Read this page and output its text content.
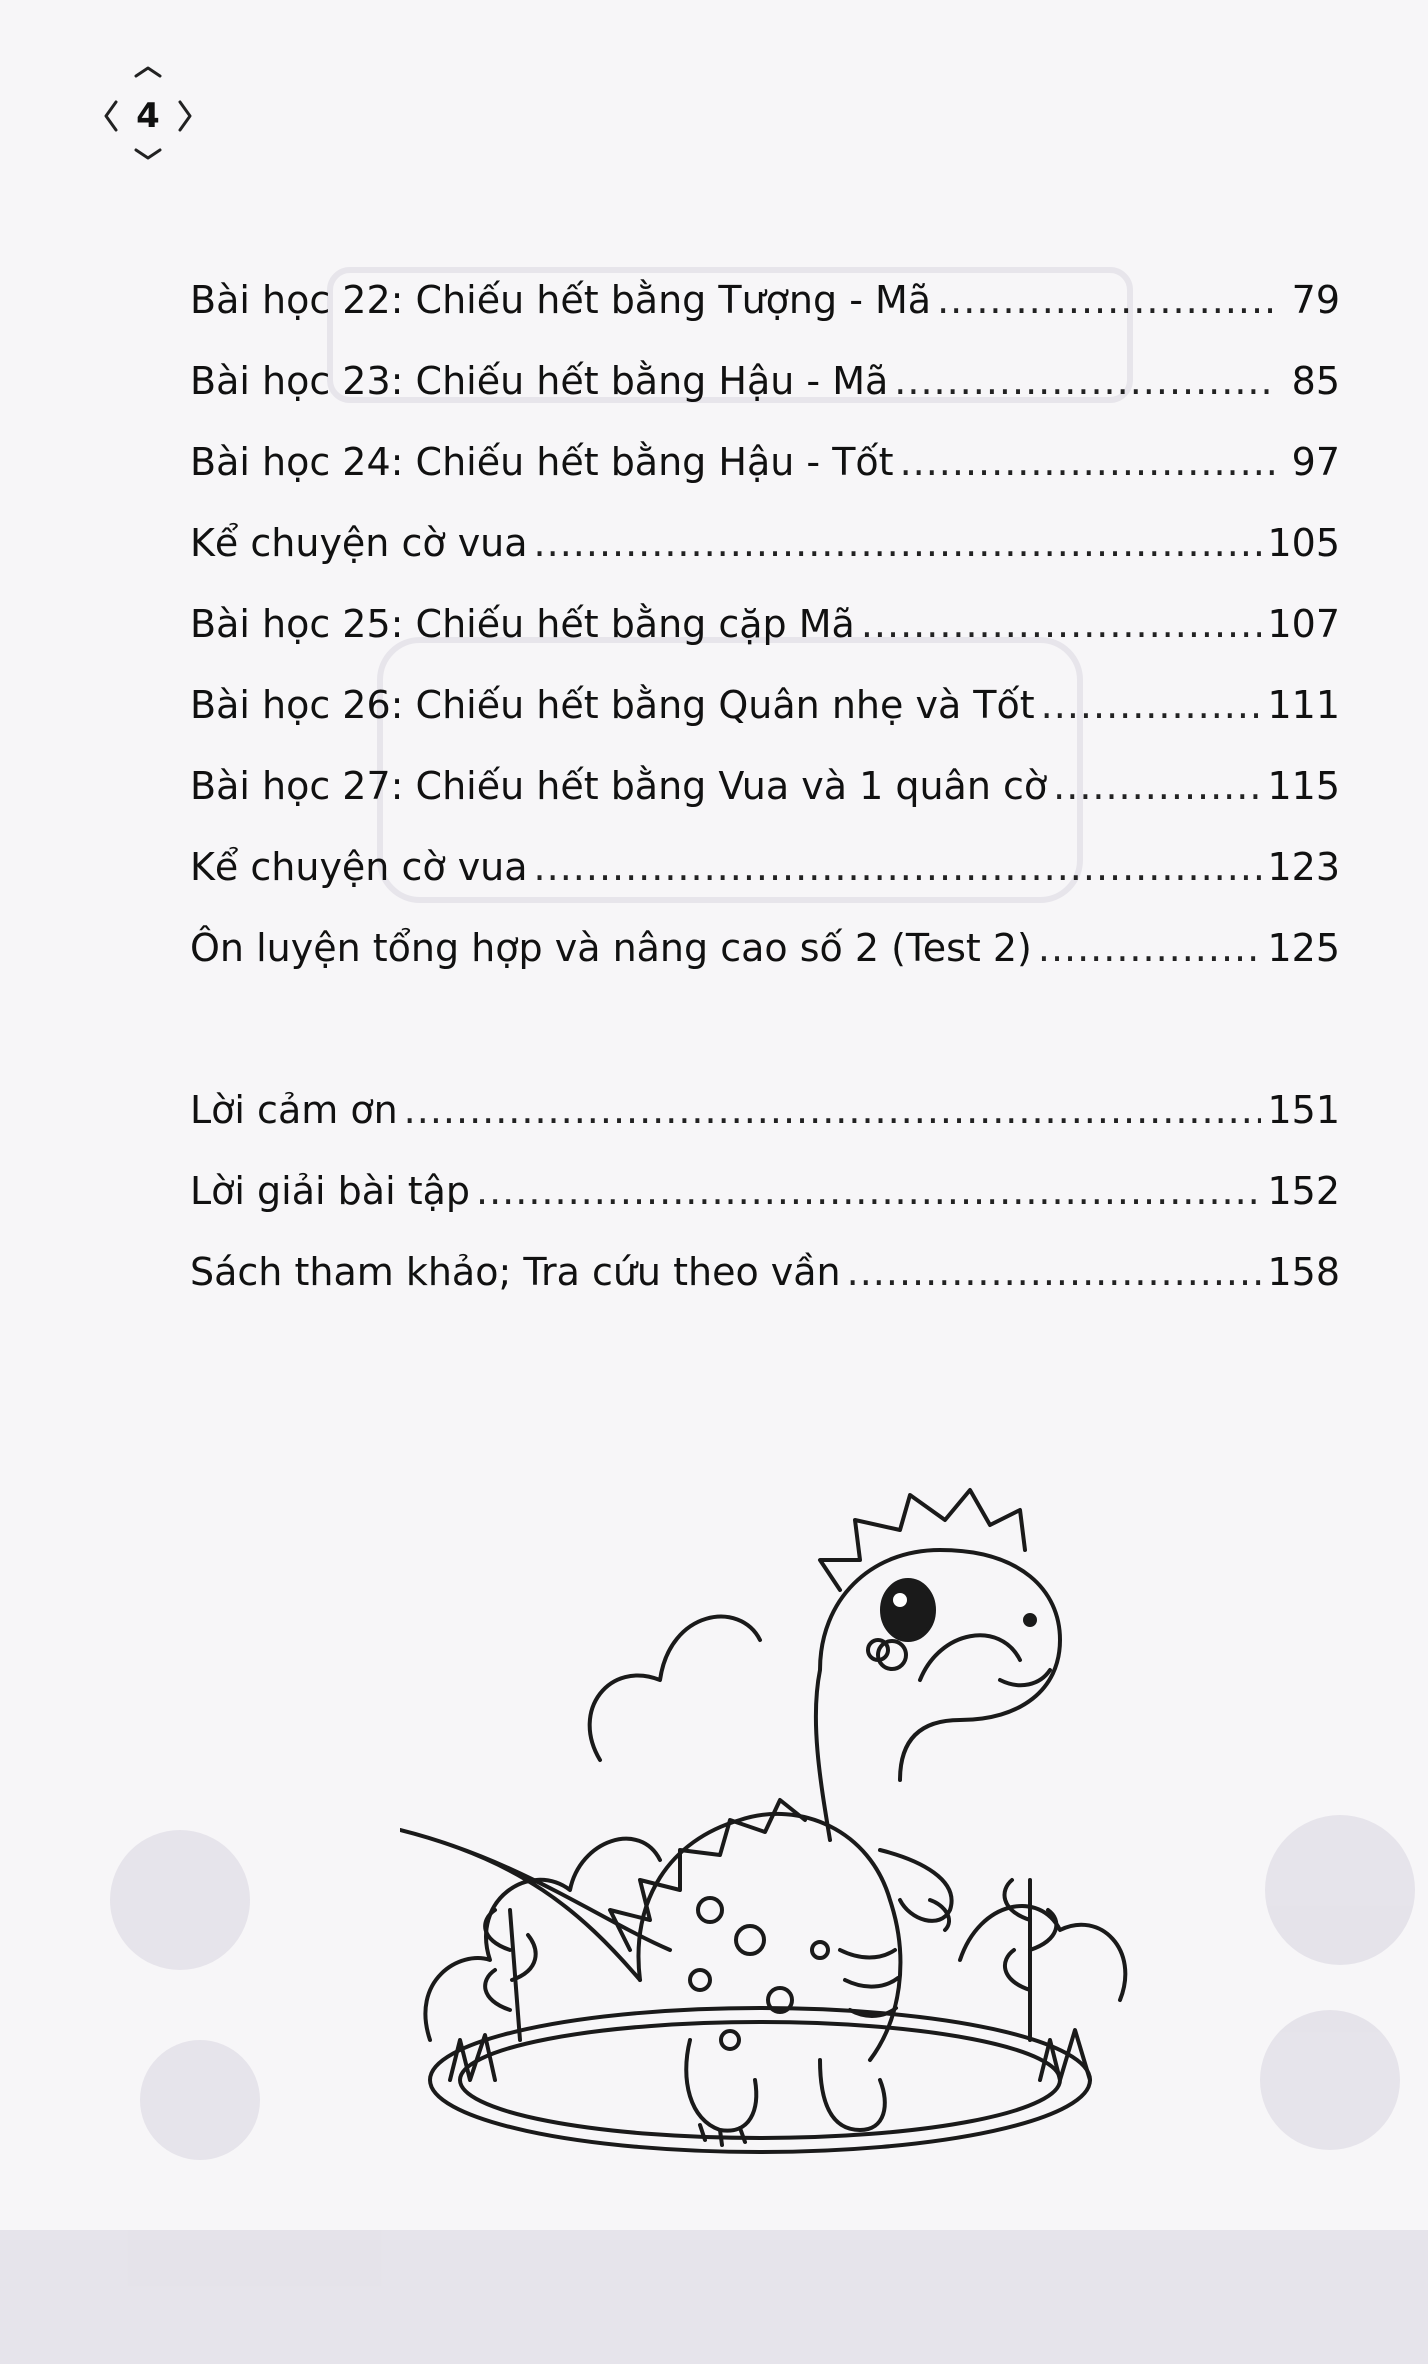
4
Bài học 22: Chiếu hết bằng Tượng - Mã .....	79
Bài học 23: Chiếu hết bằng Hậu - Mã .....	85
Bài học 24: Chiếu hết bằng Hậu - Tốt .....	97
Kể chuyện cờ vua .....	105
Bài học 25: Chiếu hết bằng cặp Mã .....	107
Bài học 26: Chiếu hết bằng Quân nhẹ và Tốt .....	111
Bài học 27: Chiếu hết bằng Vua và 1 quân cờ .....	115
Kể chuyện cờ vua .....	123
Ôn luyện tổng hợp và nâng cao số 2 (Test 2) .....	125
Lời cảm ơn .....	151
Lời giải bài tập .....	152
Sách tham khảo; Tra cứu theo vần .....	158
